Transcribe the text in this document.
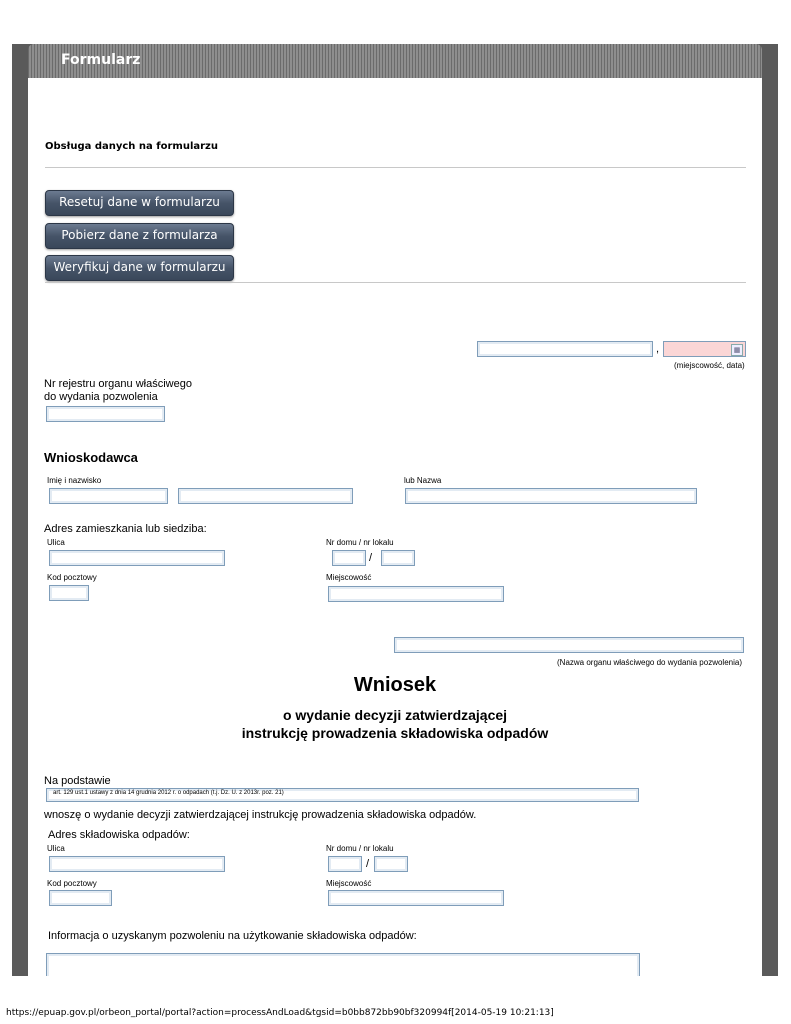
Formularz
Obsługa danych na formularzu
Resetuj dane w formularzu
Pobierz dane z formularza
Weryfikuj dane w formularzu
,	▦
(miejscowość, data)
Nr rejestru organu właściwego
do wydania pozwolenia
Wnioskodawca
Imię i nazwisko	lub Nazwa
Adres zamieszkania lub siedziba:
Ulica	Nr domu / nr lokalu
/
Kod pocztowy	Miejscowość
(Nazwa organu właściwego do wydania pozwolenia)
Wniosek
o wydanie decyzji zatwierdzającej
instrukcję prowadzenia składowiska odpadów
Na podstawie
art. 129 ust.1 ustawy z dnia 14 grudnia 2012 r. o odpadach (t.j. Dz. U. z 2013r. poz. 21)
wnoszę o wydanie decyzji zatwierdzającej instrukcję prowadzenia składowiska odpadów.
Adres składowiska odpadów:
Ulica	Nr domu / nr lokalu
/
Kod pocztowy	Miejscowość
Informacja o uzyskanym pozwoleniu na użytkowanie składowiska odpadów:
https://epuap.gov.pl/orbeon_portal/portal?action=processAndLoad&tgsid=b0bb872bb90bf320994f[2014-05-19 10:21:13]
